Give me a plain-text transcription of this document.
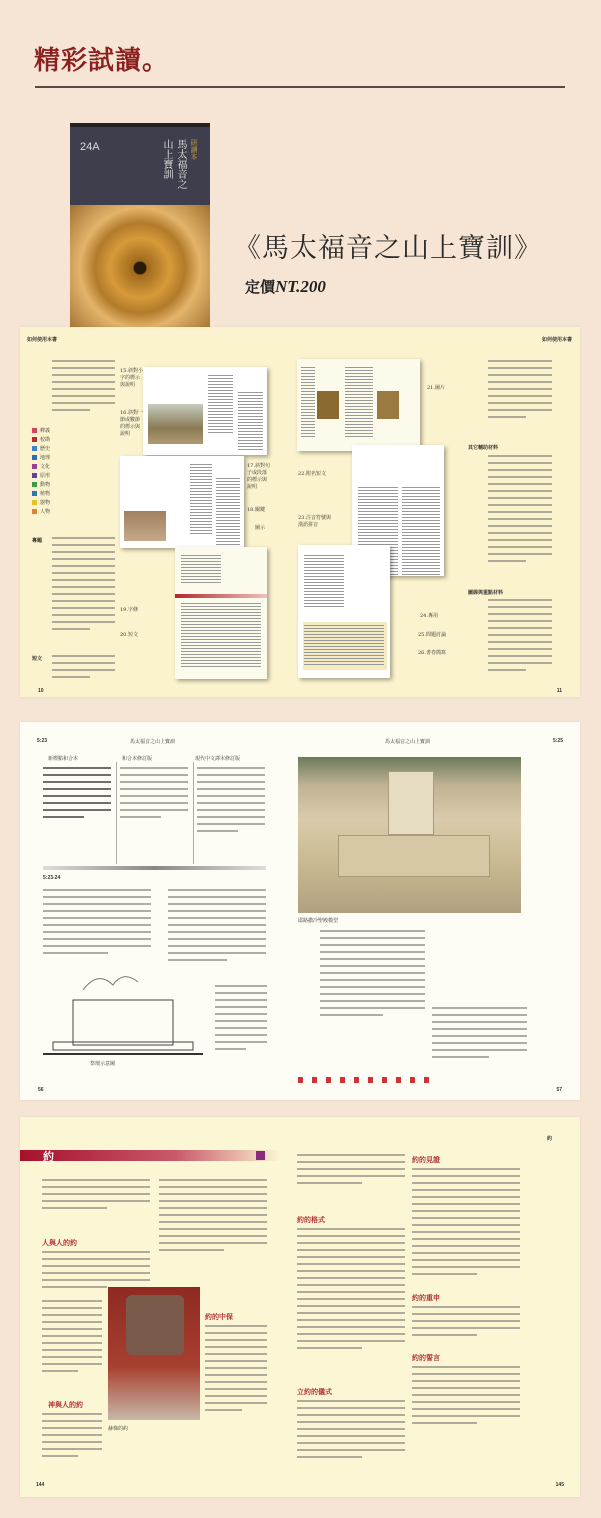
精彩試讀。
24A	研讀本
馬太福音之
山上寶訓
《馬太福音之山上寶訓》
定價NT.200
如何使用本書	如何使用本書
釋義
校勘
歷史
地理
文化
原形
動物
植物
器物
人物
專題
短文
15.斜對小字的標示與說明
16.斜對一節或數節的標示與說明
17.斜對句子或段落的標示與說明
18.關鍵
19.字條
20.短文
21.圖片
22.附名短文
23.注音符號與漢語拼音
24.專用
25.問題討論
26.書卷簡寫
圖示
其它輔助材料
圖線與重點材料
10	11
5:23	馬太福音之山上寶訓	馬太福音之山上寶訓	5:25
新標點和合本	和合本修訂版	現代中文譯本修訂版
5:23-24
祭壇示意圖
耶路撒冷聖殿模型
56	57
約
約
人與人的約
神與人的約
赫梯的約
約的中保
約的格式
立約的儀式
約的見證
約的重申
約的誓言
144	145
